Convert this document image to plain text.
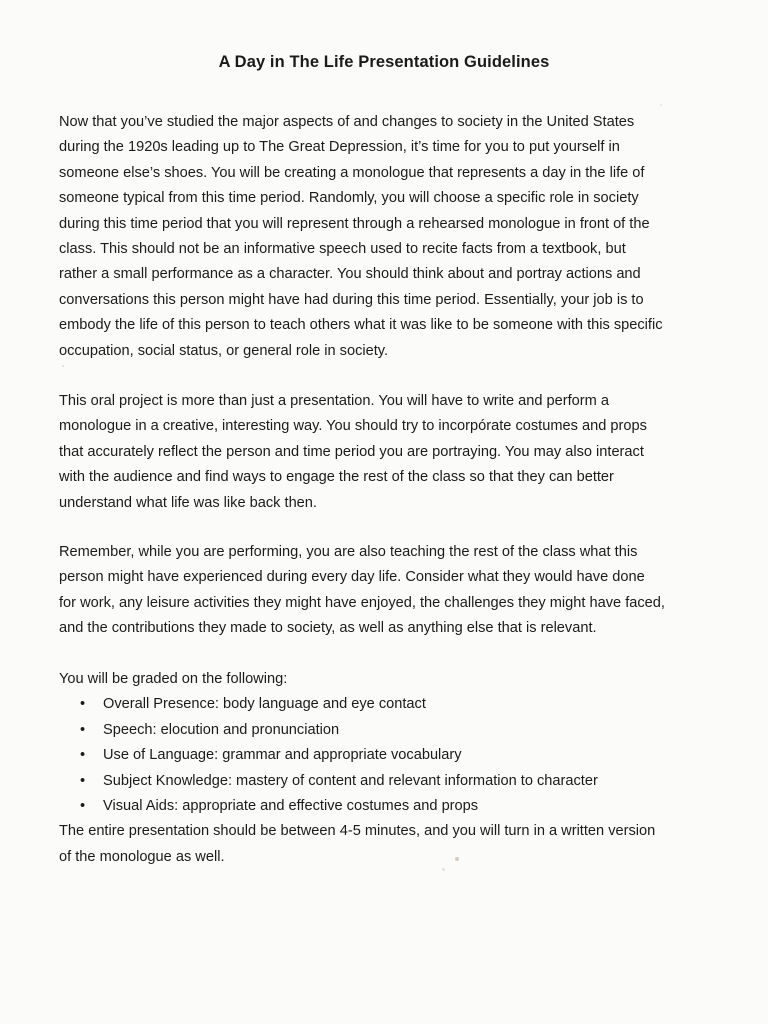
A Day in The Life Presentation Guidelines
Now that you’ve studied the major aspects of and changes to society in the United States
during the 1920s leading up to The Great Depression, it’s time for you to put yourself in
someone else’s shoes. You will be creating a monologue that represents a day in the life of
someone typical from this time period. Randomly, you will choose a specific role in society
during this time period that you will represent through a rehearsed monologue in front of the
class. This should not be an informative speech used to recite facts from a textbook, but
rather a small performance as a character. You should think about and portray actions and
conversations this person might have had during this time period. Essentially, your job is to
embody the life of this person to teach others what it was like to be someone with this specific
occupation, social status, or general role in society.
This oral project is more than just a presentation. You will have to write and perform a
monologue in a creative, interesting way. You should try to incorpórate costumes and props
that accurately reflect the person and time period you are portraying. You may also interact
with the audience and find ways to engage the rest of the class so that they can better
understand what life was like back then.
Remember, while you are performing, you are also teaching the rest of the class what this
person might have experienced during every day life. Consider what they would have done
for work, any leisure activities they might have enjoyed, the challenges they might have faced,
and the contributions they made to society, as well as anything else that is relevant.
You will be graded on the following:
• Overall Presence: body language and eye contact
• Speech: elocution and pronunciation
• Use of Language: grammar and appropriate vocabulary
• Subject Knowledge: mastery of content and relevant information to character
• Visual Aids: appropriate and effective costumes and props
The entire presentation should be between 4-5 minutes, and you will turn in a written version
of the monologue as well.
